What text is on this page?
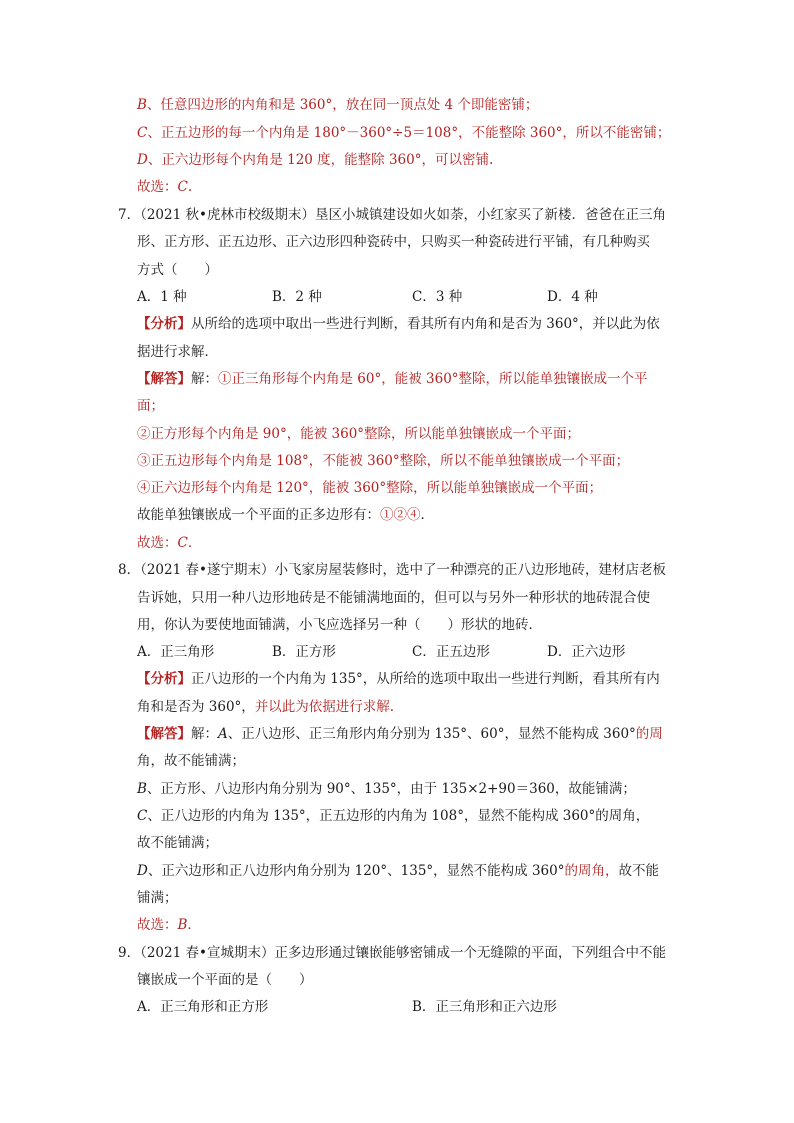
B、任意四边形的内角和是 360°，放在同一顶点处 4 个即能密铺；
C、正五边形的每一个内角是 180°－360°÷5＝108°，不能整除 360°，所以不能密铺；
D、正六边形每个内角是 120 度，能整除 360°，可以密铺.
故选：C.
7．（2021 秋•虎林市校级期末）垦区小城镇建设如火如荼，小红家买了新楼．爸爸在正三角
形、正方形、正五边形、正六边形四种瓷砖中，只购买一种瓷砖进行平铺，有几种购买
方式（　　）
A．1 种	B．2 种	C．3 种	D．4 种
【分析】从所给的选项中取出一些进行判断，看其所有内角和是否为 360°，并以此为依
据进行求解．
【解答】解：①正三角形每个内角是 60°，能被 360°整除，所以能单独镶嵌成一个平
面；
②正方形每个内角是 90°，能被 360°整除，所以能单独镶嵌成一个平面；
③正五边形每个内角是 108°，不能被 360°整除，所以不能单独镶嵌成一个平面；
④正六边形每个内角是 120°，能被 360°整除，所以能单独镶嵌成一个平面；
故能单独镶嵌成一个平面的正多边形有：①②④．
故选：C．
8．（2021 春•遂宁期末）小飞家房屋装修时，选中了一种漂亮的正八边形地砖，建材店老板
告诉她，只用一种八边形地砖是不能铺满地面的，但可以与另外一种形状的地砖混合使
用，你认为要使地面铺满，小飞应选择另一种（　　）形状的地砖．
A．正三角形	B．正方形	C．正五边形	D．正六边形
【分析】正八边形的一个内角为 135°，从所给的选项中取出一些进行判断，看其所有内
角和是否为 360°，并以此为依据进行求解.
【解答】解：A、正八边形、正三角形内角分别为 135°、60°，显然不能构成 360°的周
角，故不能铺满；
B、正方形、八边形内角分别为 90°、135°，由于 135×2+90＝360，故能铺满；
C、正八边形的内角为 135°，正五边形的内角为 108°，显然不能构成 360°的周角，
故不能铺满；
D、正六边形和正八边形内角分别为 120°、135°，显然不能构成 360°的周角，故不能
铺满；
故选：B．
9．（2021 春•宣城期末）正多边形通过镶嵌能够密铺成一个无缝隙的平面，下列组合中不能
镶嵌成一个平面的是（　　）
A．正三角形和正方形	B．正三角形和正六边形
